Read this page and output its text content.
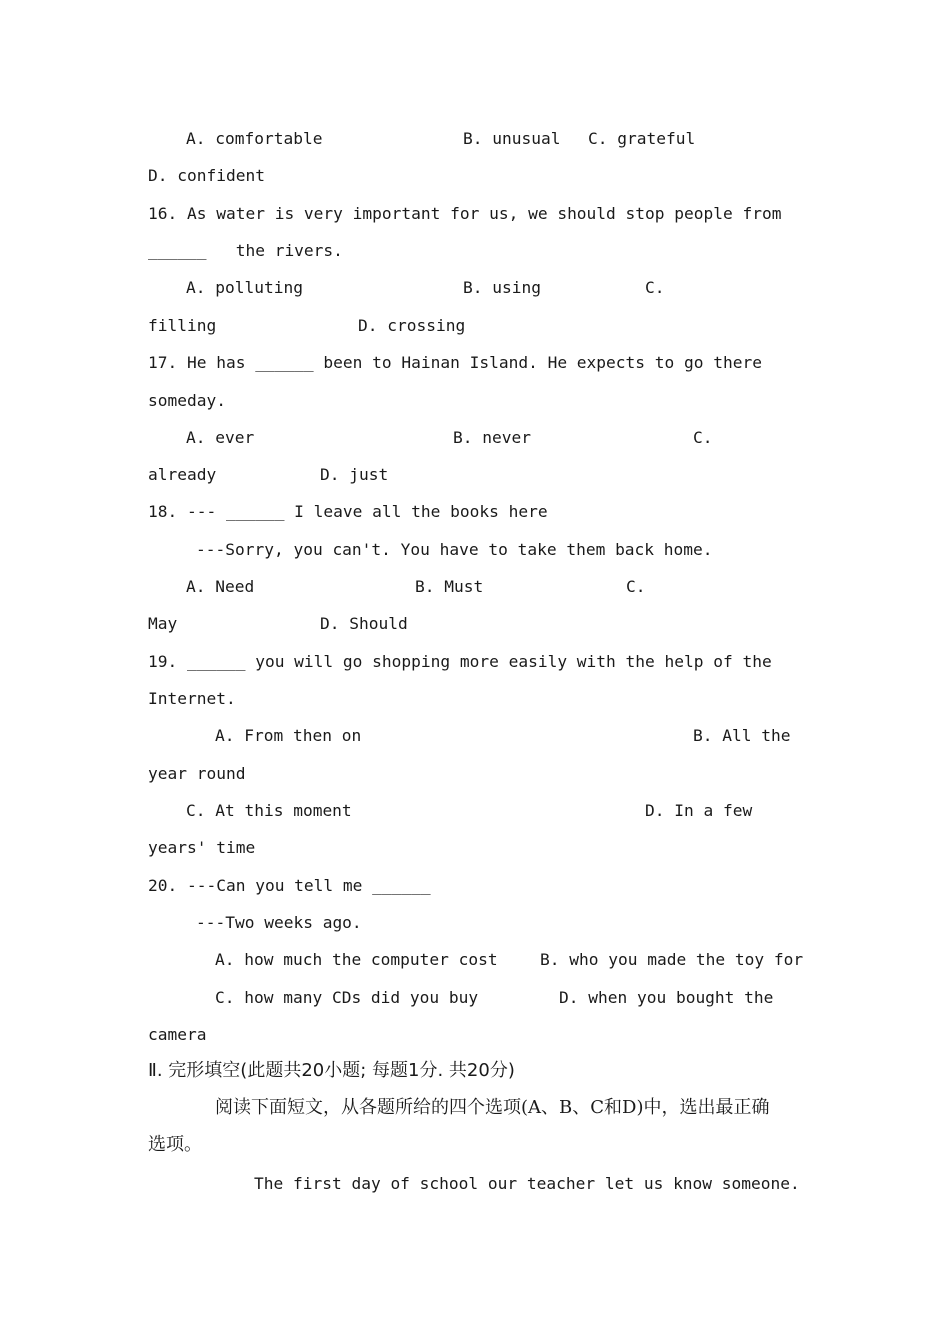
A. comfortable	B. unusual C. grateful
D. confident
16. As water is very important for us, we should stop people from
______   the rivers.
A. polluting	B. using	C.
filling	D. crossing
17. He has ______ been to Hainan Island. He expects to go there
someday.
A. ever	B. never	C.
already	D. just
18. --- ______ I leave all the books here
---Sorry, you can't. You have to take them back home.
A. Need	B. Must	C.
May	D. Should
19. ______ you will go shopping more easily with the help of the
Internet.
A. From then on	B. All the
year round
C. At this moment	D. In a few
years' time
20. ---Can you tell me ______
---Two weeks ago.
A. how much the computer cost	B. who you made the toy for
C. how many CDs did you buy	D. when you bought the
camera
Ⅱ. 完形填空(此题共20小题; 每题1分. 共20分)
阅读下面短文，从各题所给的四个选项(A、B、C和D)中，选出最正确
选项。
The first day of school our teacher let us know someone.
